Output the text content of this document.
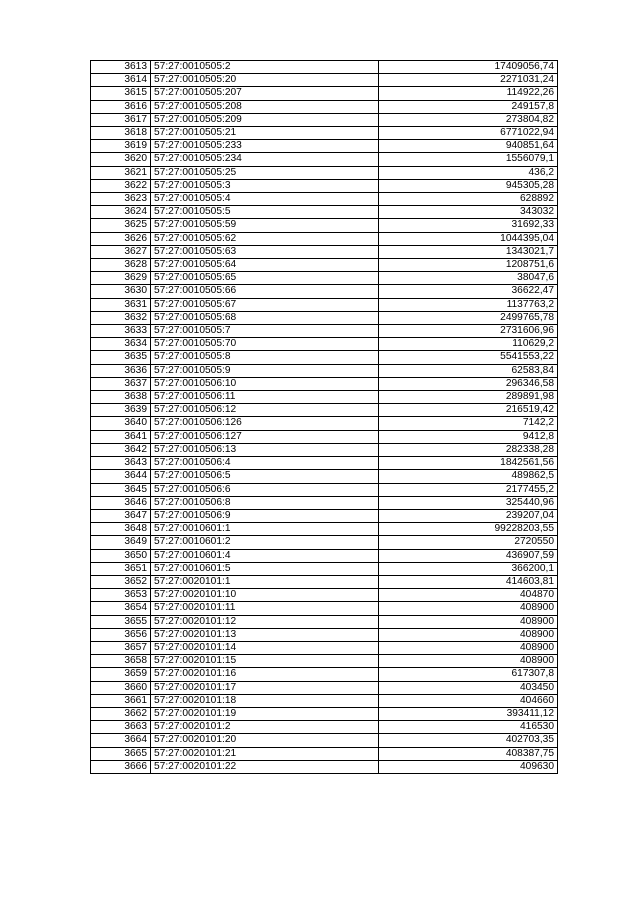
3613	57:27:0010505:2	17409056,74
3614	57:27:0010505:20	2271031,24
3615	57:27:0010505:207	114922,26
3616	57:27:0010505:208	249157,8
3617	57:27:0010505:209	273804,82
3618	57:27:0010505:21	6771022,94
3619	57:27:0010505:233	940851,64
3620	57:27:0010505:234	1556079,1
3621	57:27:0010505:25	436,2
3622	57:27:0010505:3	945305,28
3623	57:27:0010505:4	628892
3624	57:27:0010505:5	343032
3625	57:27:0010505:59	31692,33
3626	57:27:0010505:62	1044395,04
3627	57:27:0010505:63	1343021,7
3628	57:27:0010505:64	1208751,6
3629	57:27:0010505:65	38047,6
3630	57:27:0010505:66	36622,47
3631	57:27:0010505:67	1137763,2
3632	57:27:0010505:68	2499765,78
3633	57:27:0010505:7	2731606,96
3634	57:27:0010505:70	110629,2
3635	57:27:0010505:8	5541553,22
3636	57:27:0010505:9	62583,84
3637	57:27:0010506:10	296346,58
3638	57:27:0010506:11	289891,98
3639	57:27:0010506:12	216519,42
3640	57:27:0010506:126	7142,2
3641	57:27:0010506:127	9412,8
3642	57:27:0010506:13	282338,28
3643	57:27:0010506:4	1842561,56
3644	57:27:0010506:5	489862,5
3645	57:27:0010506:6	2177455,2
3646	57:27:0010506:8	325440,96
3647	57:27:0010506:9	239207,04
3648	57:27:0010601:1	99228203,55
3649	57:27:0010601:2	2720550
3650	57:27:0010601:4	436907,59
3651	57:27:0010601:5	366200,1
3652	57:27:0020101:1	414603,81
3653	57:27:0020101:10	404870
3654	57:27:0020101:11	408900
3655	57:27:0020101:12	408900
3656	57:27:0020101:13	408900
3657	57:27:0020101:14	408900
3658	57:27:0020101:15	408900
3659	57:27:0020101:16	617307,8
3660	57:27:0020101:17	403450
3661	57:27:0020101:18	404660
3662	57:27:0020101:19	393411,12
3663	57:27:0020101:2	416530
3664	57:27:0020101:20	402703,35
3665	57:27:0020101:21	408387,75
3666	57:27:0020101:22	409630
